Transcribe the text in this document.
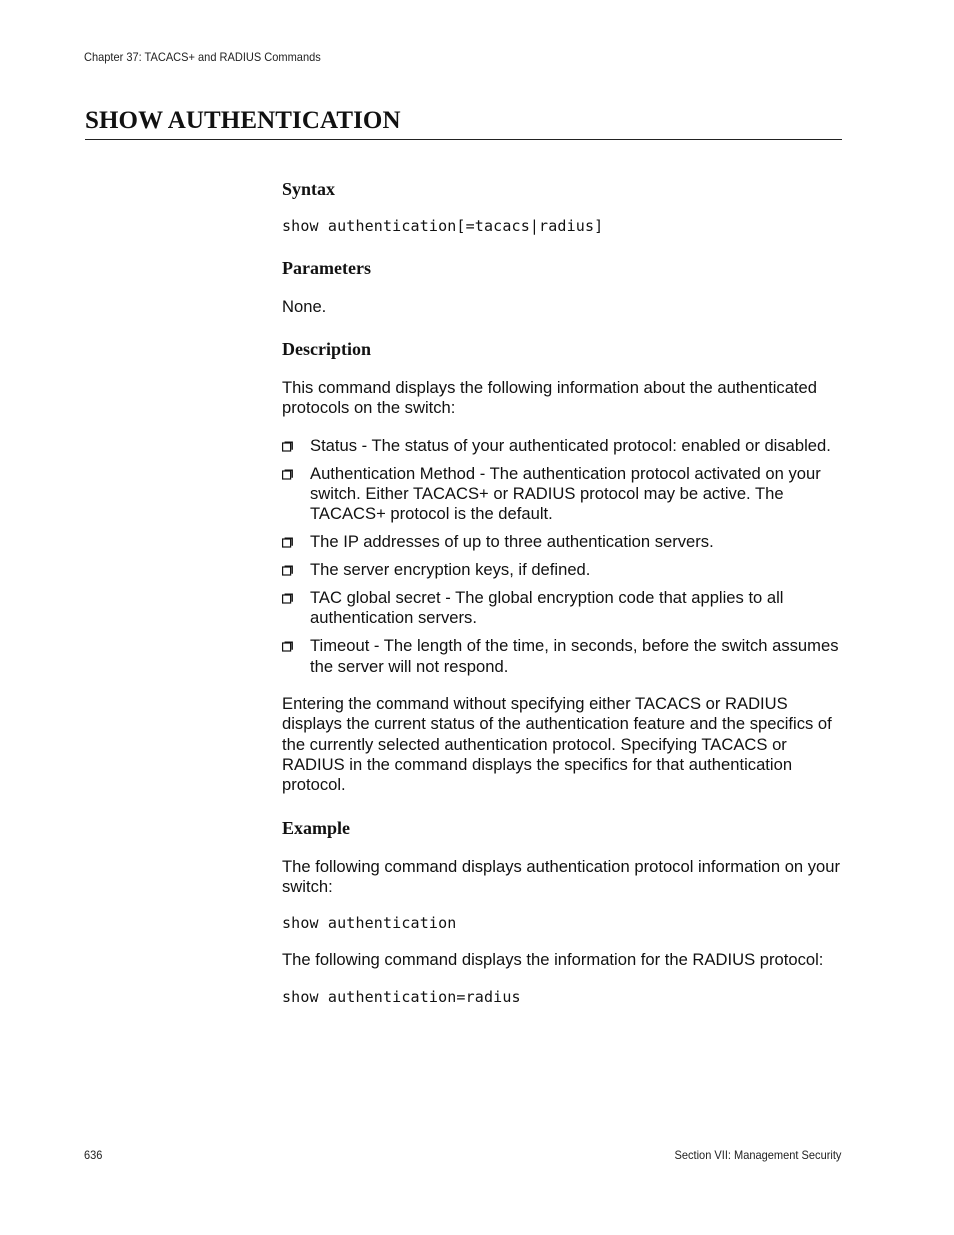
Chapter 37: TACACS+ and RADIUS Commands
SHOW AUTHENTICATION
Syntax
show authentication[=tacacs|radius]
Parameters

None.

Description

This command displays the following information about the authenticated protocols on the switch:

Status - The status of your authenticated protocol: enabled or disabled.
Authentication Method - The authentication protocol activated on your switch. Either TACACS+ or RADIUS protocol may be active. The TACACS+ protocol is the default.
The IP addresses of up to three authentication servers.
The server encryption keys, if defined.
TAC global secret - The global encryption code that applies to all authentication servers.
Timeout - The length of the time, in seconds, before the switch assumes the server will not respond.

Entering the command without specifying either TACACS or RADIUS displays the current status of the authentication feature and the specifics of the currently selected authentication protocol. Specifying TACACS or RADIUS in the command displays the specifics for that authentication protocol.

Example

The following command displays authentication protocol information on your switch:

show authentication

The following command displays the information for the RADIUS protocol:

show authentication=radius
636	Section VII: Management Security
